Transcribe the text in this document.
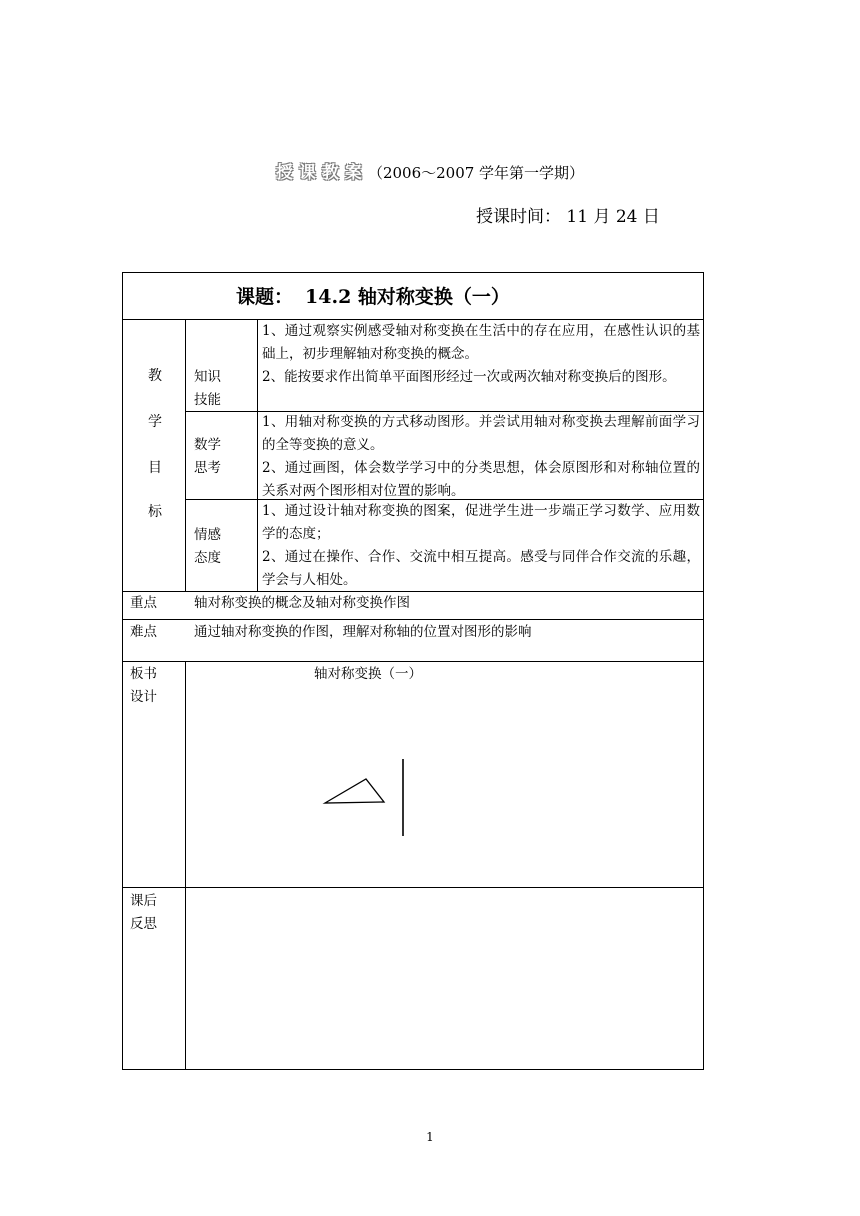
授课教案（2006～2007 学年第一学期）
授课时间： 11 月 24 日
课题： 14.2 轴对称变换（一）
教
学
目
标
知识
技能
1、通过观察实例感受轴对称变换在生活中的存在应用，在感性认识的基础上，初步理解轴对称变换的概念。
2、能按要求作出简单平面图形经过一次或两次轴对称变换后的图形。
数学
思考
1、用轴对称变换的方式移动图形。并尝试用轴对称变换去理解前面学习的全等变换的意义。
2、通过画图，体会数学学习中的分类思想，体会原图形和对称轴位置的关系对两个图形相对位置的影响。
情感
态度
1、通过设计轴对称变换的图案，促进学生进一步端正学习数学、应用数学的态度；
2、通过在操作、合作、交流中相互提高。感受与同伴合作交流的乐趣，学会与人相处。
重点	轴对称变换的概念及轴对称变换作图
难点	通过轴对称变换的作图，理解对称轴的位置对图形的影响
板书
设计
轴对称变换（一）
课后
反思
1
